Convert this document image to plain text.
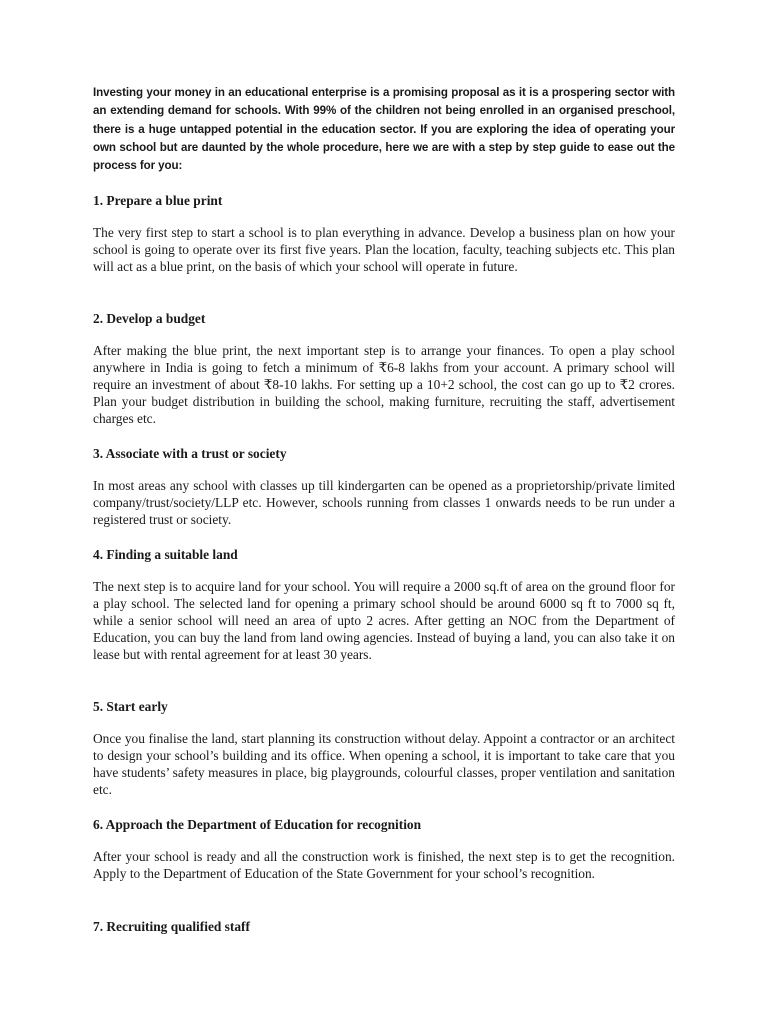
Investing your money in an educational enterprise is a promising proposal as it is a prospering sector with an extending demand for schools. With 99% of the children not being enrolled in an organised preschool, there is a huge untapped potential in the education sector. If you are exploring the idea of operating your own school but are daunted by the whole procedure, here we are with a step by step guide to ease out the process for you:

1. Prepare a blue print

The very first step to start a school is to plan everything in advance. Develop a business plan on how your school is going to operate over its first five years. Plan the location, faculty, teaching subjects etc. This plan will act as a blue print, on the basis of which your school will operate in future.

2. Develop a budget

After making the blue print, the next important step is to arrange your finances. To open a play school anywhere in India is going to fetch a minimum of ₹6-8 lakhs from your account. A primary school will require an investment of about ₹8-10 lakhs. For setting up a 10+2 school, the cost can go up to ₹2 crores. Plan your budget distribution in building the school, making furniture, recruiting the staff, advertisement charges etc.

3. Associate with a trust or society

In most areas any school with classes up till kindergarten can be opened as a proprietorship/private limited company/trust/society/LLP etc. However, schools running from classes 1 onwards needs to be run under a registered trust or society.

4. Finding a suitable land

The next step is to acquire land for your school. You will require a 2000 sq.ft of area on the ground floor for a play school. The selected land for opening a primary school should be around 6000 sq ft to 7000 sq ft, while a senior school will need an area of upto 2 acres. After getting an NOC from the Department of Education, you can buy the land from land owing agencies. Instead of buying a land, you can also take it on lease but with rental agreement for at least 30 years.

5. Start early

Once you finalise the land, start planning its construction without delay. Appoint a contractor or an architect to design your school’s building and its office. When opening a school, it is important to take care that you have students’ safety measures in place, big playgrounds, colourful classes, proper ventilation and sanitation etc.

6. Approach the Department of Education for recognition

After your school is ready and all the construction work is finished, the next step is to get the recognition. Apply to the Department of Education of the State Government for your school’s recognition.

7. Recruiting qualified staff
